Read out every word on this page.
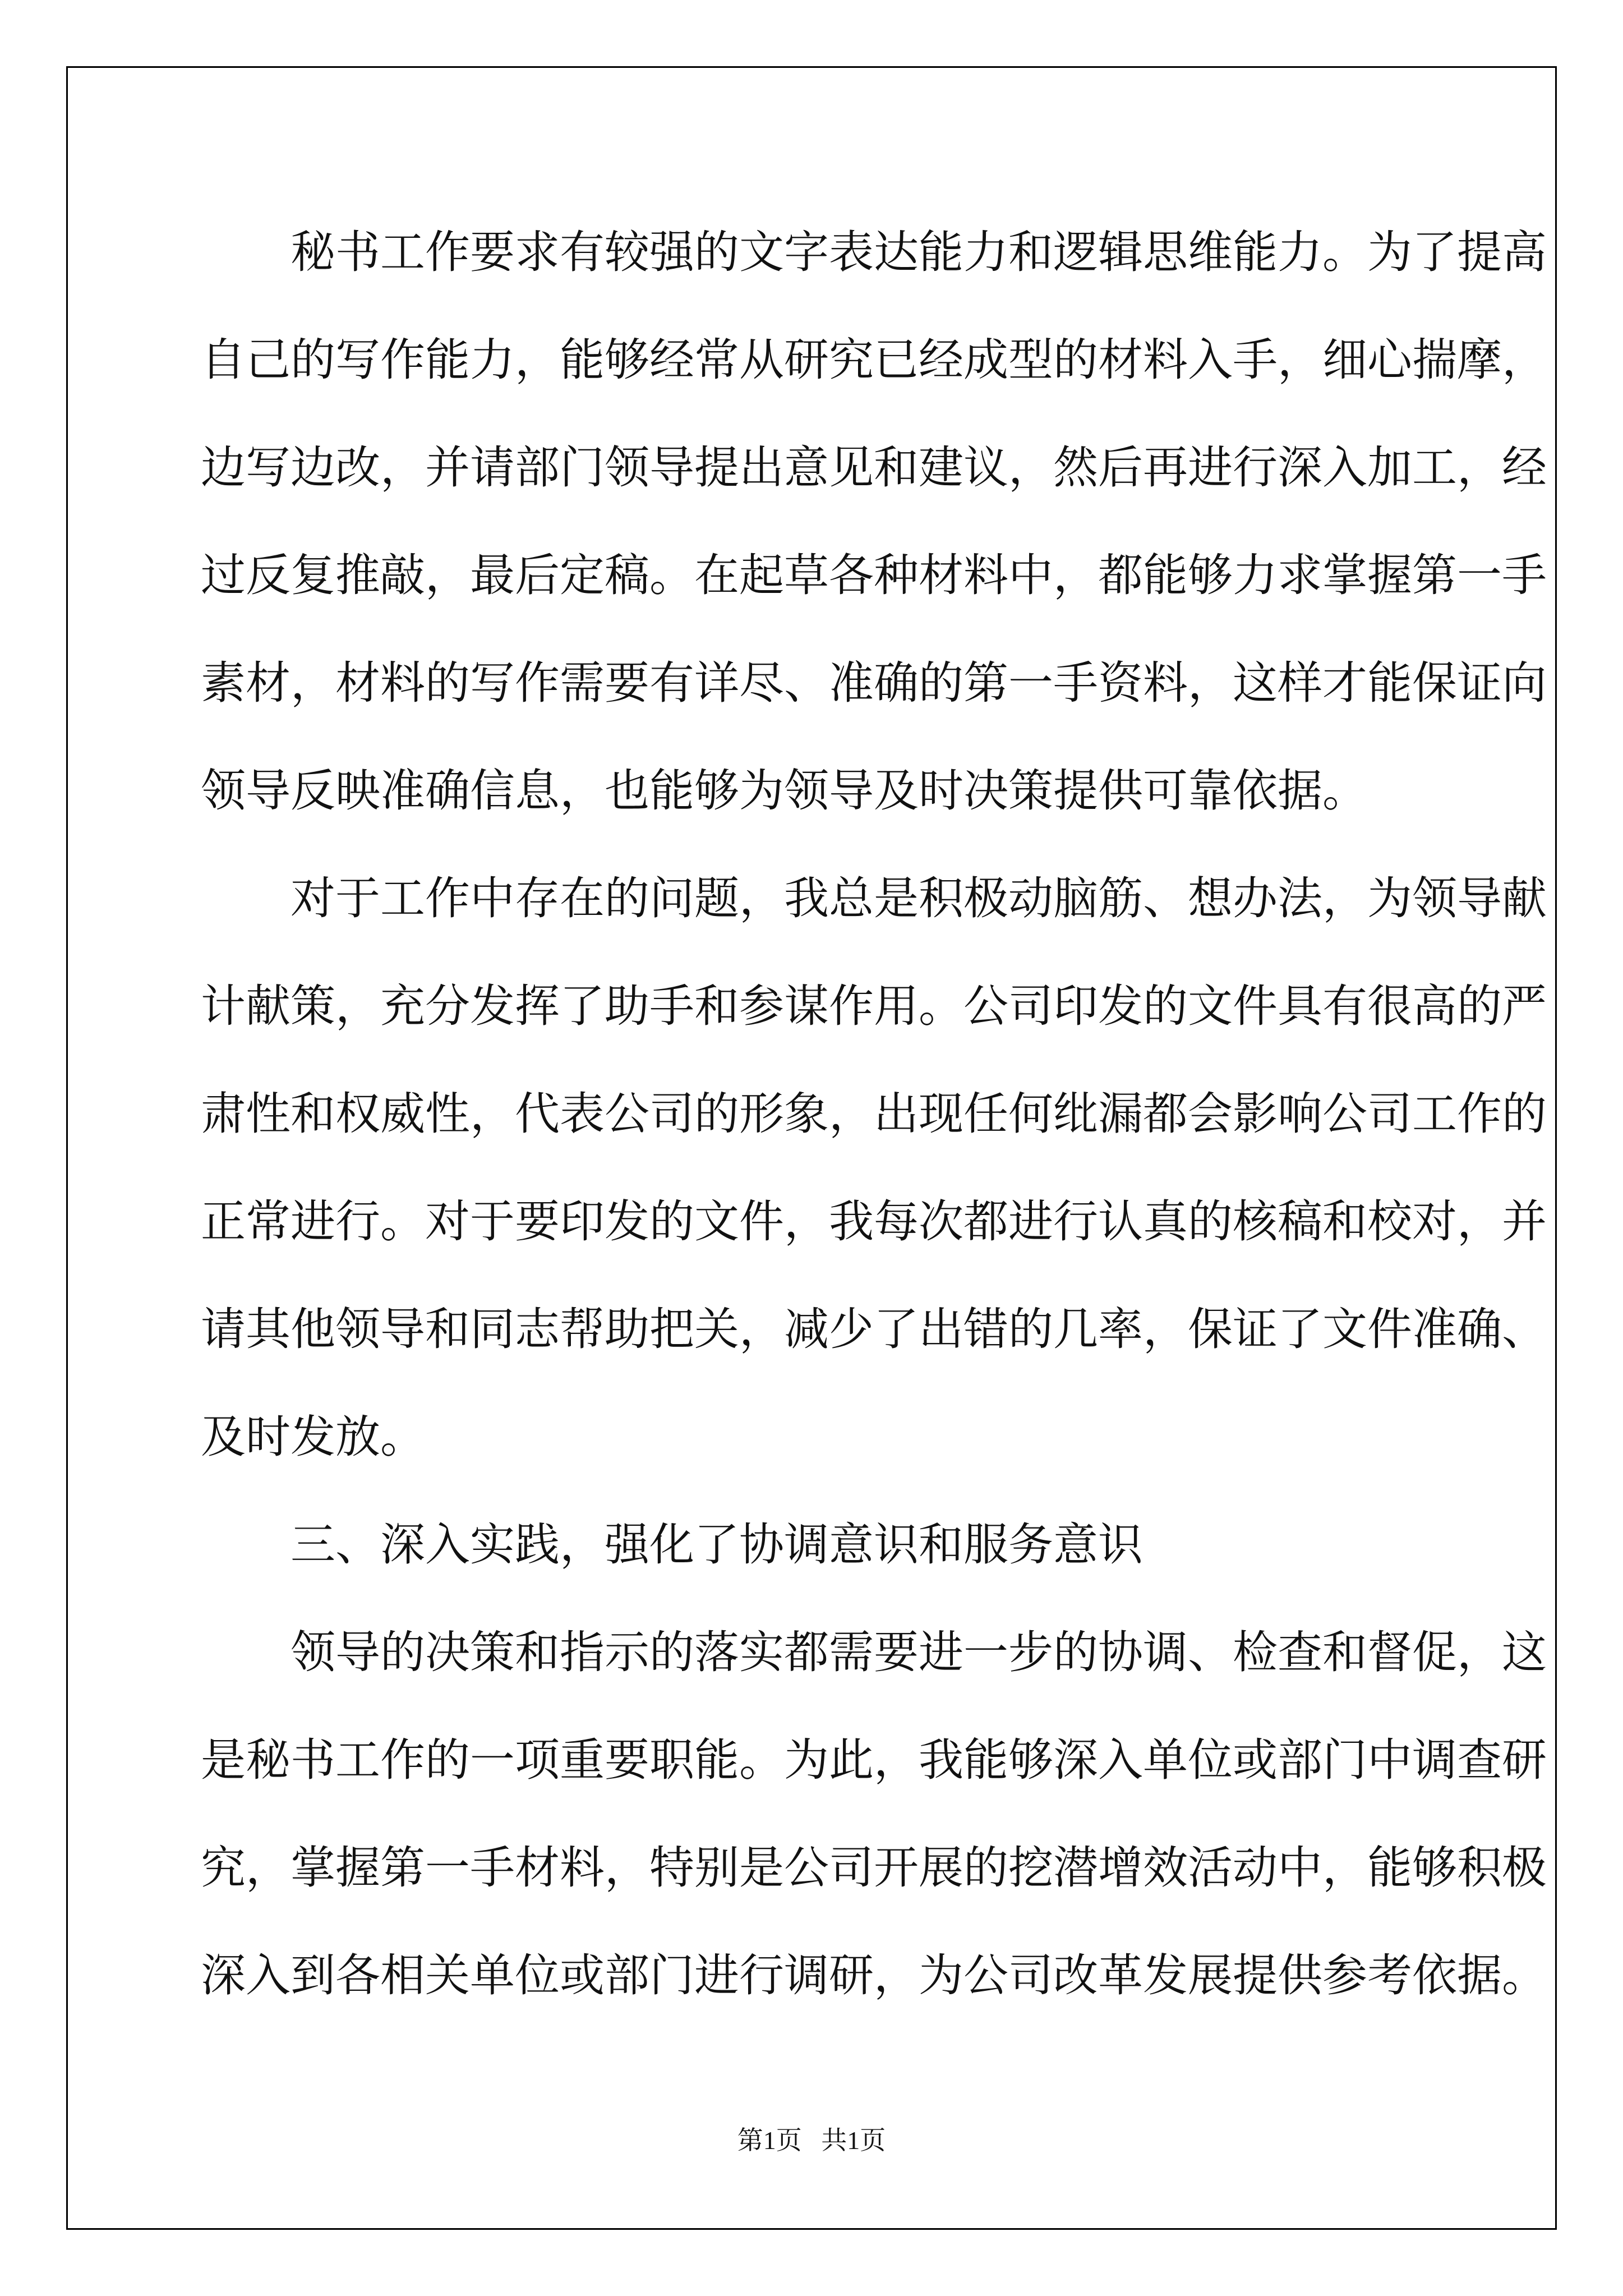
秘书工作要求有较强的文字表达能力和逻辑思维能力。为了提高
自己的写作能力，能够经常从研究已经成型的材料入手，细心揣摩，
边写边改，并请部门领导提出意见和建议，然后再进行深入加工，经
过反复推敲，最后定稿。在起草各种材料中，都能够力求掌握第一手
素材，材料的写作需要有详尽、准确的第一手资料，这样才能保证向
领导反映准确信息，也能够为领导及时决策提供可靠依据。
对于工作中存在的问题，我总是积极动脑筋、想办法，为领导献
计献策，充分发挥了助手和参谋作用。公司印发的文件具有很高的严
肃性和权威性，代表公司的形象，出现任何纰漏都会影响公司工作的
正常进行。对于要印发的文件，我每次都进行认真的核稿和校对，并
请其他领导和同志帮助把关，减少了出错的几率，保证了文件准确、
及时发放。
三、深入实践，强化了协调意识和服务意识
领导的决策和指示的落实都需要进一步的协调、检查和督促，这
是秘书工作的一项重要职能。为此，我能够深入单位或部门中调查研
究，掌握第一手材料，特别是公司开展的挖潜增效活动中，能够积极
深入到各相关单位或部门进行调研，为公司改革发展提供参考依据。
第1页 共1页
